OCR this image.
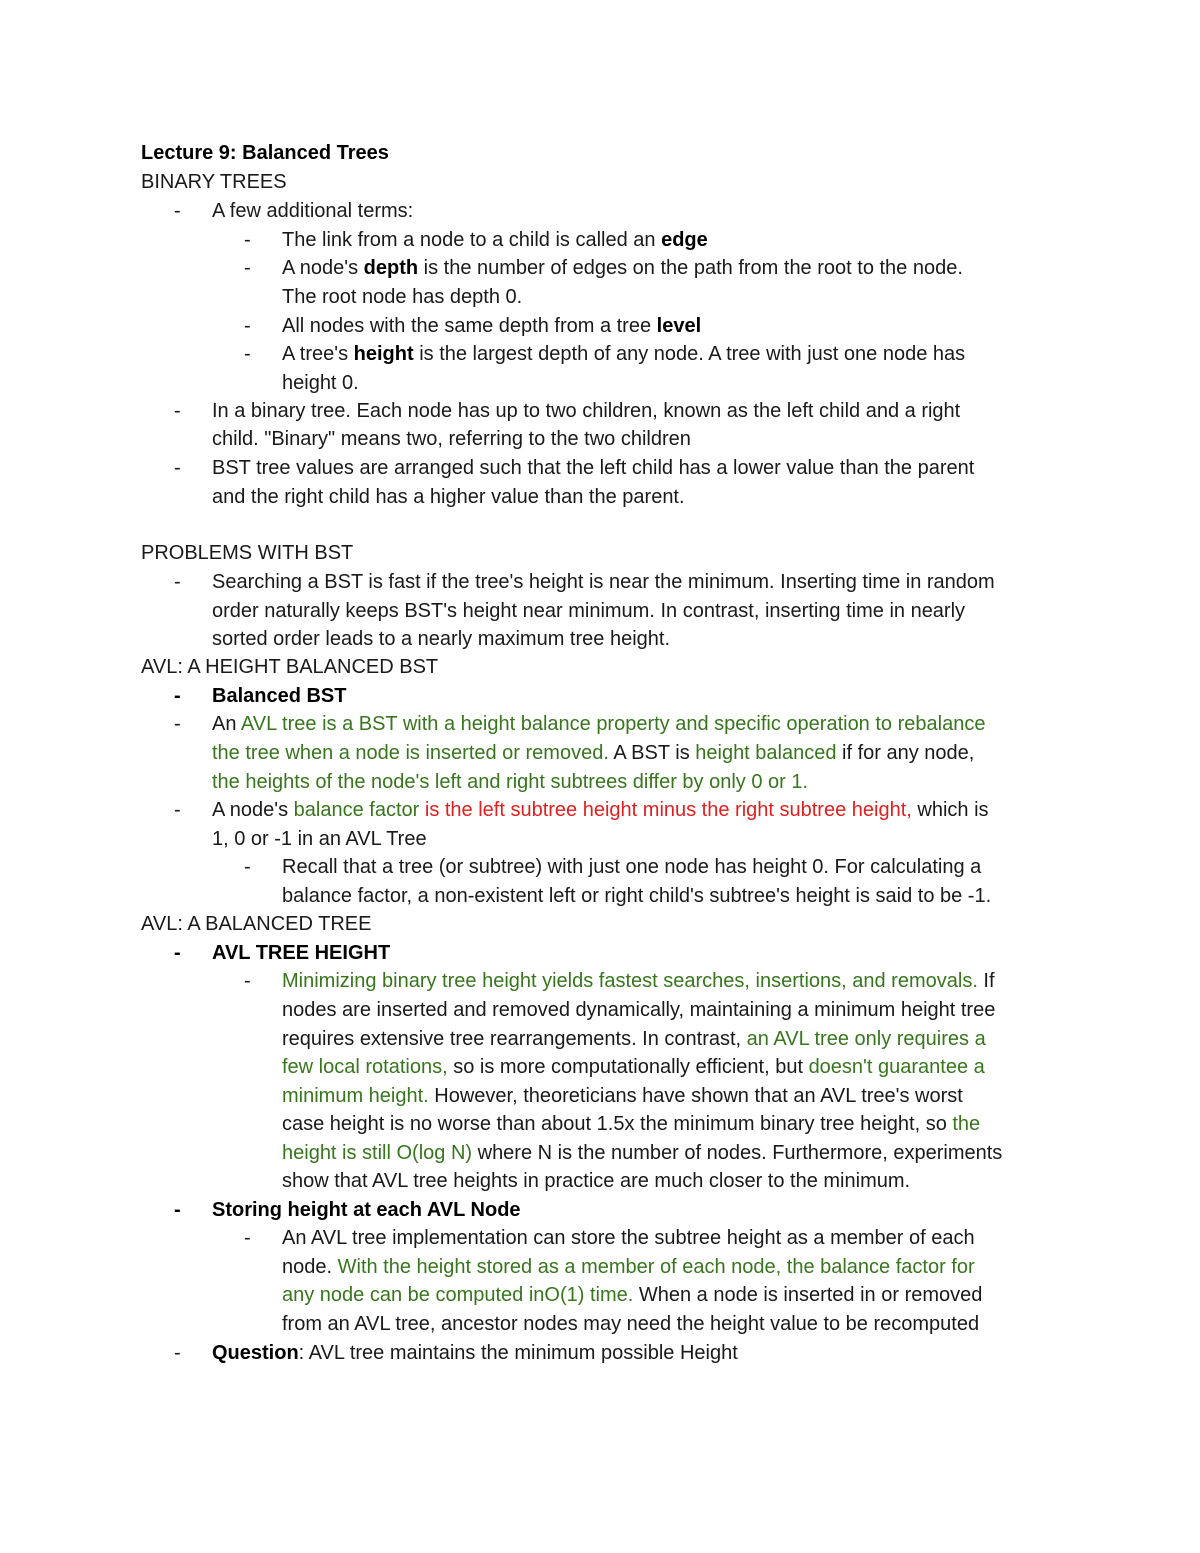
Lecture 9: Balanced Trees
BINARY TREES
- A few additional terms:
- The link from a node to a child is called an edge
- A node's depth is the number of edges on the path from the root to the node.
The root node has depth 0.
- All nodes with the same depth from a tree level
- A tree's height is the largest depth of any node. A tree with just one node has
height 0.
- In a binary tree. Each node has up to two children, known as the left child and a right
child. "Binary" means two, referring to the two children
- BST tree values are arranged such that the left child has a lower value than the parent
and the right child has a higher value than the parent.
PROBLEMS WITH BST
- Searching a BST is fast if the tree's height is near the minimum. Inserting time in random
order naturally keeps BST's height near minimum. In contrast, inserting time in nearly
sorted order leads to a nearly maximum tree height.
AVL: A HEIGHT BALANCED BST
- Balanced BST
- An AVL tree is a BST with a height balance property and specific operation to rebalance
the tree when a node is inserted or removed. A BST is height balanced if for any node,
the heights of the node's left and right subtrees differ by only 0 or 1.
- A node's balance factor is the left subtree height minus the right subtree height, which is
1, 0 or -1 in an AVL Tree
- Recall that a tree (or subtree) with just one node has height 0. For calculating a
balance factor, a non-existent left or right child's subtree's height is said to be -1.
AVL: A BALANCED TREE
- AVL TREE HEIGHT
- Minimizing binary tree height yields fastest searches, insertions, and removals. If
nodes are inserted and removed dynamically, maintaining a minimum height tree
requires extensive tree rearrangements. In contrast, an AVL tree only requires a
few local rotations, so is more computationally efficient, but doesn't guarantee a
minimum height. However, theoreticians have shown that an AVL tree's worst
case height is no worse than about 1.5x the minimum binary tree height, so the
height is still O(log N) where N is the number of nodes. Furthermore, experiments
show that AVL tree heights in practice are much closer to the minimum.
- Storing height at each AVL Node
- An AVL tree implementation can store the subtree height as a member of each
node. With the height stored as a member of each node, the balance factor for
any node can be computed inO(1) time. When a node is inserted in or removed
from an AVL tree, ancestor nodes may need the height value to be recomputed
- Question: AVL tree maintains the minimum possible Height
